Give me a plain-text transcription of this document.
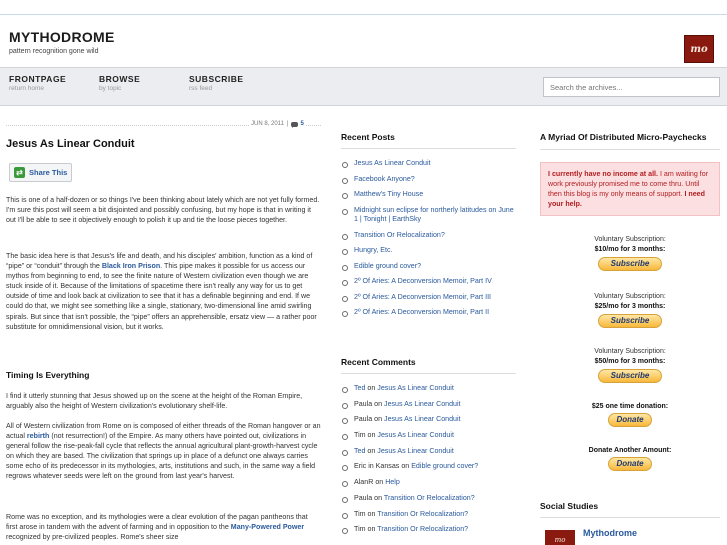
MYTHODROME
pattern recognition gone wild	mo
FRONTPAGE
return home
BROWSE
by topic
SUBSCRIBE
rss feed
Search the archives...
JUN 8, 2011 | 5
Jesus As Linear Conduit
⇄ Share This

This is one of a half-dozen or so things I've been thinking about lately which are not yet fully formed. I'm sure this post will seem a bit disjointed and possibly confusing, but my hope is that in writing it out I'll be able to see it objectively enough to polish it up and tie the loose pieces together.

The basic idea here is that Jesus's life and death, and his disciples' ambition, function as a kind of “pipe” or “conduit” through the Black Iron Prison. This pipe makes it possible for us access our mythos from beginning to end, to see the finite nature of Western civilization even though we are stuck inside of it. Because of the limitations of spacetime there isn't really any way for us to get outside of time and look back at civilization to see that it has a definable beginning and end. If we could do that, we might see something like a single, stationary, two-dimensional line amid swirling spirals. But since that isn't possible, the “pipe” offers an apprehensible, ersatz view — a rather poor substitute for omnidimensional vision, but it works.

Timing Is Everything

I find it utterly stunning that Jesus showed up on the scene at the height of the Roman Empire, arguably also the height of Western civilization's evolutionary shelf-life.

All of Western civilization from Rome on is composed of either threads of the Roman hangover or an actual rebirth (not resurrection!) of the Empire. As many others have pointed out, civilizations in general follow the rise-peak-fall cycle that reflects the annual agricultural plant-growth-harvest cycle on which they are based. The civilization that springs up in place of a defunct one always carries some echo of its predecessor in its mythologies, arts, institutions and such, in the same way a field regrows whatever seeds were left on the ground from last year's harvest.

Rome was no exception, and its mythologies were a clear evolution of the pagan pantheons that first arose in tandem with the advent of farming and in opposition to the Many-Powered Power recognized by pre-civilized peoples. Rome's sheer size

Recent Posts
Jesus As Linear Conduit
Facebook Anyone?
Matthew's Tiny House
Midnight sun eclipse for northerly latitudes on June 1 | Tonight | EarthSky
Transition Or Relocalization?
Hungry, Etc.
Edible ground cover?
2º Of Aries: A Deconversion Memoir, Part IV
2º Of Aries: A Deconversion Memoir, Part III
2º Of Aries: A Deconversion Memoir, Part II
Recent Comments
Ted on Jesus As Linear Conduit
Paula on Jesus As Linear Conduit
Paula on Jesus As Linear Conduit
Tim on Jesus As Linear Conduit
Ted on Jesus As Linear Conduit
Eric in Kansas on Edible ground cover?
AlanR on Help
Paula on Transition Or Relocalization?
Tim on Transition Or Relocalization?
Tim on Transition Or Relocalization?
A Myriad Of Distributed Micro-Paychecks
I currently have no income at all. I am waiting for work previously promised me to come thru. Until then this blog is my only means of support. I need your help.
Voluntary Subscription:
$10/mo for 3 months:
Subscribe
Voluntary Subscription:
$25/mo for 3 months:
Subscribe
Voluntary Subscription:
$50/mo for 3 months:
Subscribe
$25 one time donation:
Donate
Donate Another Amount:
Donate
Social Studies
mo
Mythodrome
